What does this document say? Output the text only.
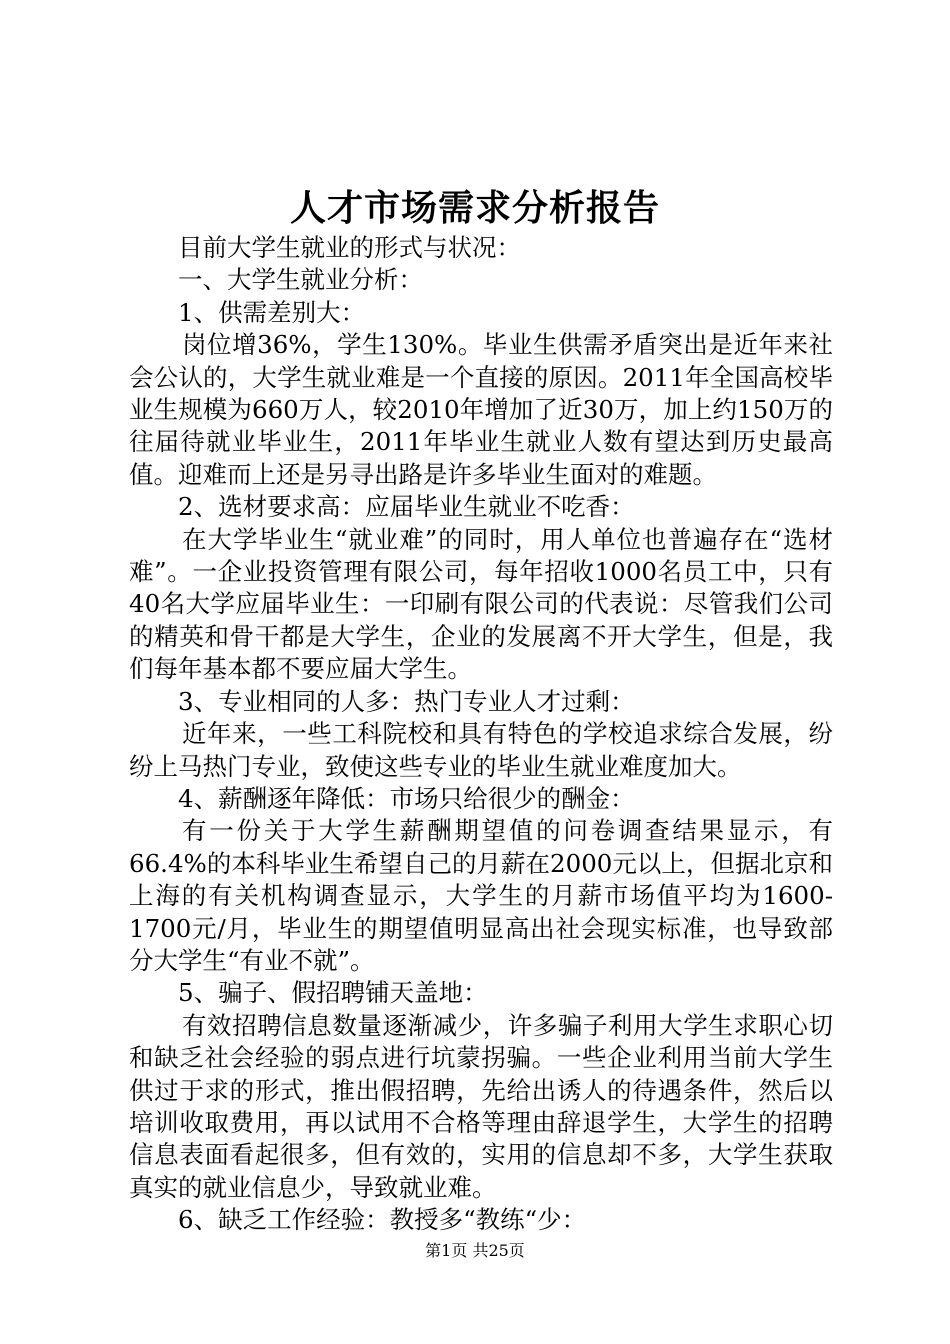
人才市场需求分析报告

目前大学生就业的形式与状况：

一、大学生就业分析：

1、供需差别大：

岗位增36%，学生130%。毕业生供需矛盾突出是近年来社会公认的，大学生就业难是一个直接的原因。2011年全国高校毕业生规模为660万人，较2010年增加了近30万，加上约150万的往届待就业毕业生，2011年毕业生就业人数有望达到历史最高值。迎难而上还是另寻出路是许多毕业生面对的难题。

2、选材要求高：应届毕业生就业不吃香：

在大学毕业生“就业难”的同时，用人单位也普遍存在“选材难”。一企业投资管理有限公司，每年招收1000名员工中，只有40名大学应届毕业生：一印刷有限公司的代表说：尽管我们公司的精英和骨干都是大学生，企业的发展离不开大学生，但是，我们每年基本都不要应届大学生。

3、专业相同的人多：热门专业人才过剩：

近年来，一些工科院校和具有特色的学校追求综合发展，纷纷上马热门专业，致使这些专业的毕业生就业难度加大。

4、薪酬逐年降低：市场只给很少的酬金：

有一份关于大学生薪酬期望值的问卷调查结果显示，有66.4%的本科毕业生希望自己的月薪在2000元以上，但据北京和上海的有关机构调查显示，大学生的月薪市场值平均为1600-1700元/月，毕业生的期望值明显高出社会现实标准，也导致部分大学生“有业不就”。

5、骗子、假招聘铺天盖地：

有效招聘信息数量逐渐减少，许多骗子利用大学生求职心切和缺乏社会经验的弱点进行坑蒙拐骗。一些企业利用当前大学生供过于求的形式，推出假招聘，先给出诱人的待遇条件，然后以培训收取费用，再以试用不合格等理由辞退学生，大学生的招聘信息表面看起很多，但有效的，实用的信息却不多，大学生获取真实的就业信息少，导致就业难。

6、缺乏工作经验：教授多“教练“少：

第1页 共25页
